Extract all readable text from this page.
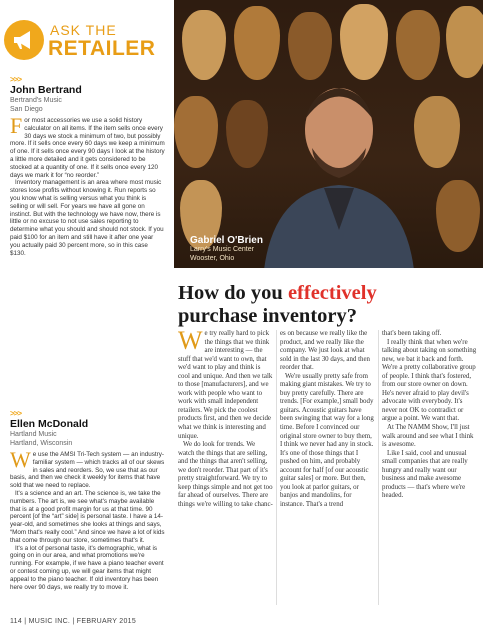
ASK THE
RETAILER
>>>
John Bertrand
Bertrand's Music
San Diego

For most accessories we use a solid history calculator on all items. If the item sells once every 30 days we stock a minimum of two, but possibly more. If it sells once every 60 days we keep a minimum of one. If it sells once every 90 days I look at the history a little more detailed and it gets considered to be stocked at a quantity of one. If it sells once every 120 days we mark it for “no reorder.”

Inventory management is an area where most music stores lose profits without knowing it. Run reports so you know what is selling versus what you think is selling or will sell. For years we have all gone on instinct. But with the technology we have now, there is little or no excuse to not use sales reporting to determine what you should and should not stock. If you paid $100 for an item and still have it after one year you actually paid 30 percent more, so in this case $130.

>>>
Ellen McDonald
Hartland Music
Hartland, Wisconsin

We use the AMSI Tri-Tech system — an industry-familiar system — which tracks all of our skews in sales and reorders. So, we use that as our basis, and then we check it weekly for items that have sold that we need to replace.

It's a science and an art. The science is, we take the numbers. The art is, we see what's maybe available that is at a good profit margin for us at that time. 90 percent [of the “art” side] is personal taste. I have a 14-year-old, and sometimes she looks at things and says, “Mom that's really cool.” And since we have a lot of kids that come through our store, sometimes that's it.

It's a lot of personal taste, it's demographic, what is going on in our area, and what promotions we're running. For example, if we have a piano teacher event or contest coming up, we will gear items that might appeal to the piano teacher. If old inventory has been here over 90 days, we really try to move it.

Gabriel O'Brien
Larry's Music Center
Wooster, Ohio
How do you effectively
purchase inventory?

We try really hard to pick the things that we think are interesting — the stuff that we'd want to own, that we'd want to play and think is cool and unique. And then we talk to those [manufacturers], and we work with people who want to work with small independent retailers. We pick the coolest products first, and then we decide what we think is interesting and unique.

We do look for trends. We watch the things that are selling, and the things that aren't selling, we don't reorder. That part of it's pretty straightforward. We try to keep things simple and not get too far ahead of ourselves. There are things we're willing to take chanc-

es on because we really like the product, and we really like the company. We just look at what sold in the last 30 days, and then reorder that.

We're usually pretty safe from making giant mistakes. We try to buy pretty carefully. There are trends. [For example,] small body guitars. Acoustic guitars have been swinging that way for a long time. Before I convinced our original store owner to buy them, I think we never had any in stock. It's one of those things that I pushed on him, and probably account for half [of our acoustic guitar sales] or more. But then, you look at parlor guitars, or banjos and mandolins, for instance. That's a trend

that's been taking off.

I really think that when we're talking about taking on something new, we bat it back and forth. We're a pretty collaborative group of people. I think that's fostered, from our store owner on down. He's never afraid to play devil's advocate with everybody. It's never not OK to contradict or argue a point. We want that.

At The NAMM Show, I'll just walk around and see what I think is awesome.

Like I said, cool and unusual small companies that are really hungry and really want our business and make awesome products — that's where we're headed.

114 | MUSIC INC. | FEBRUARY 2015
